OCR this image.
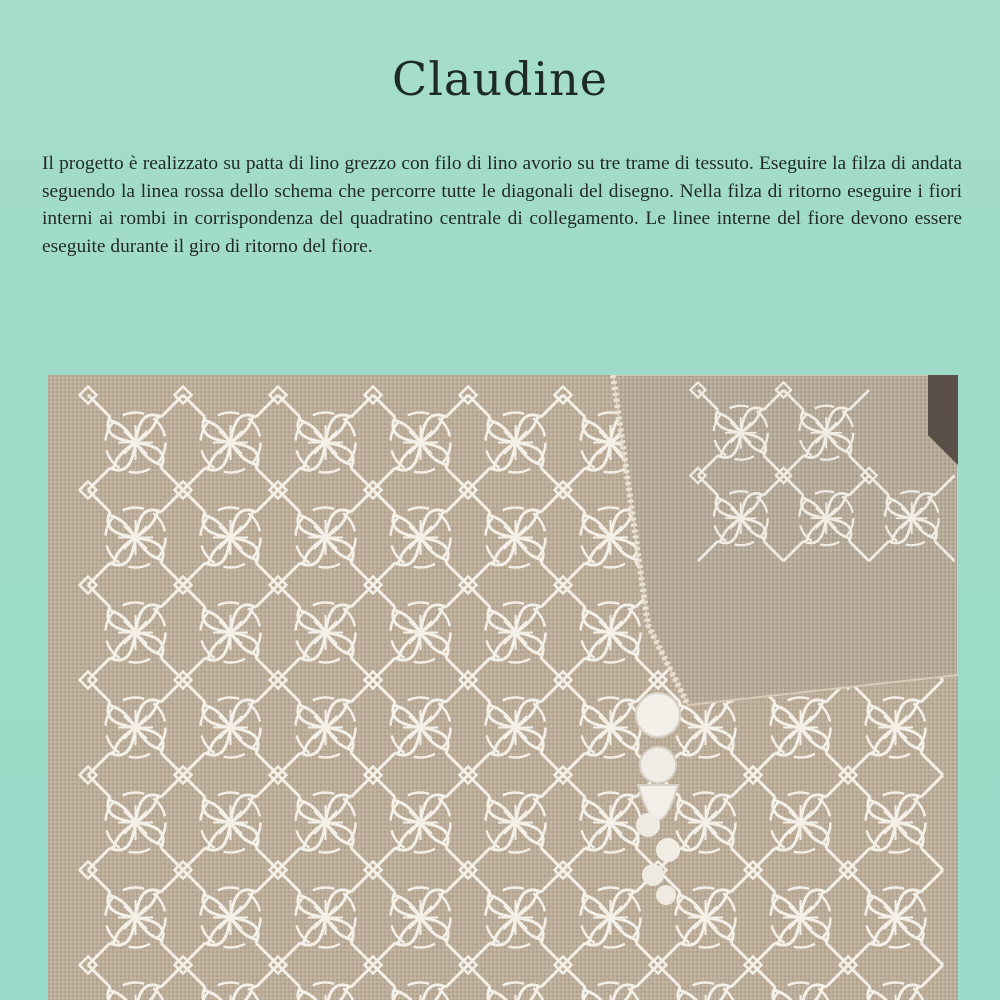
Claudine

Il progetto è realizzato su patta di lino grezzo con filo di lino avorio su tre trame di tessuto. Eseguire la filza di andata seguendo la linea rossa dello schema che percorre tutte le diagonali del disegno. Nella filza di ritorno eseguire i fiori interni ai rombi in corrispondenza del quadratino centrale di collegamento. Le linee interne del fiore devono essere eseguite durante il giro di ritorno del fiore.
